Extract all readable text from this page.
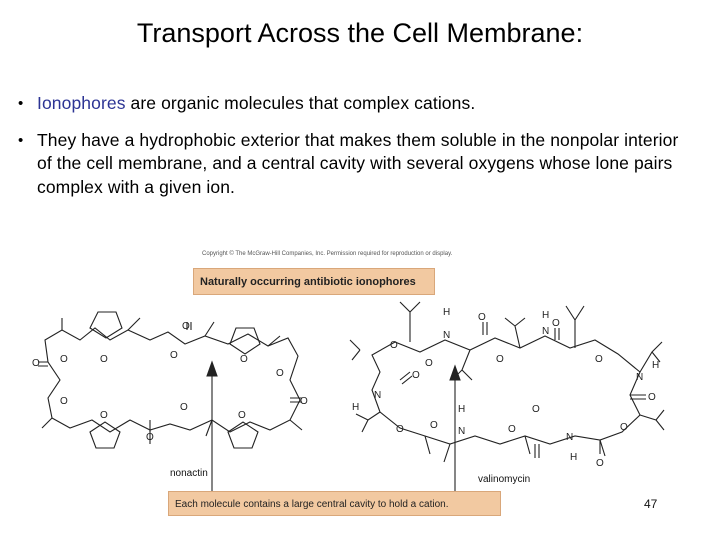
Transport Across the Cell Membrane:
• Ionophores are organic molecules that complex cations.
• They have a hydrophobic exterior that makes them soluble in the nonpolar interior of the cell membrane, and a central cavity with several oxygens whose lone pairs complex with a given ion.
Copyright © The McGraw-Hill Companies, Inc. Permission required for reproduction or display.
Naturally occurring antibiotic ionophores
O
O
O
O
O
O
O
O
O
O	O
O	O
N
H
N
H
N
H
N
H
N
H
N
H
O
O
O
O	O	O
O
O
O	O
O
O
O
O
nonactin
valinomycin
Each molecule contains a large central cavity to hold a cation.	47
